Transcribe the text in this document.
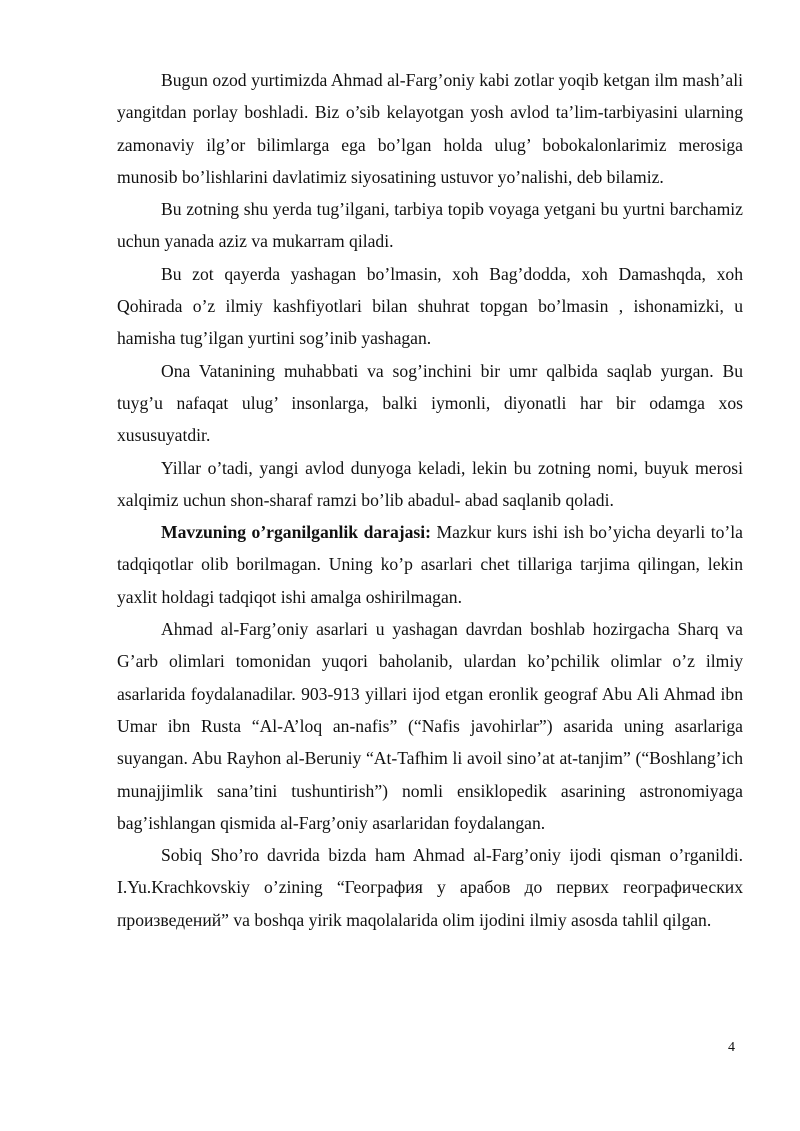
Bugun ozod yurtimizda Ahmad al-Farg’oniy kabi zotlar yoqib ketgan ilm mash’ali yangitdan porlay boshladi. Biz o’sib kelayotgan yosh avlod ta’lim-tarbiyasini ularning zamonaviy ilg’or bilimlarga ega bo’lgan holda ulug’ bobokalonlarimiz merosiga munosib bo’lishlarini davlatimiz siyosatining ustuvor yo’nalishi, deb bilamiz.

Bu zotning shu yerda tug’ilgani, tarbiya topib voyaga yetgani bu yurtni barchamiz uchun yanada aziz va mukarram qiladi.

Bu zot qayerda yashagan bo’lmasin, xoh Bag’dodda, xoh Damashqda, xoh Qohirada o’z ilmiy kashfiyotlari bilan shuhrat topgan bo’lmasin , ishonamizki, u hamisha tug’ilgan yurtini sog’inib yashagan.

Ona Vatanining muhabbati va sog’inchini bir umr qalbida saqlab yurgan. Bu tuyg’u nafaqat ulug’ insonlarga, balki iymonli, diyonatli har bir odamga xos xususuyatdir.

Yillar o’tadi, yangi avlod dunyoga keladi, lekin bu zotning nomi, buyuk merosi xalqimiz uchun shon-sharaf ramzi bo’lib abadul- abad saqlanib qoladi.

Mavzuning o’rganilganlik darajasi: Mazkur kurs ishi ish bo’yicha deyarli to’la tadqiqotlar olib borilmagan. Uning ko’p asarlari chet tillariga tarjima qilingan, lekin yaxlit holdagi tadqiqot ishi amalga oshirilmagan.

Ahmad al-Farg’oniy asarlari u yashagan davrdan boshlab hozirgacha Sharq va G’arb olimlari tomonidan yuqori baholanib, ulardan ko’pchilik olimlar o’z ilmiy asarlarida foydalanadilar. 903-913 yillari ijod etgan eronlik geograf Abu Ali Ahmad ibn Umar ibn Rusta “Al-A’loq an-nafis” (“Nafis javohirlar”) asarida uning asarlariga suyangan. Abu Rayhon al-Beruniy “At-Tafhim li avoil sino’at at-tanjim” (“Boshlang’ich munajjimlik sana’tini tushuntirish”) nomli ensiklopedik asarining astronomiyaga bag’ishlangan qismida al-Farg’oniy asarlaridan foydalangan.

Sobiq Sho’ro davrida bizda ham Ahmad al-Farg’oniy ijodi qisman o’rganildi. I.Yu.Krachkovskiy o’zining “География у арабов до первих географических произведений” va boshqa yirik maqolalarida olim ijodini ilmiy asosda tahlil qilgan.

4
